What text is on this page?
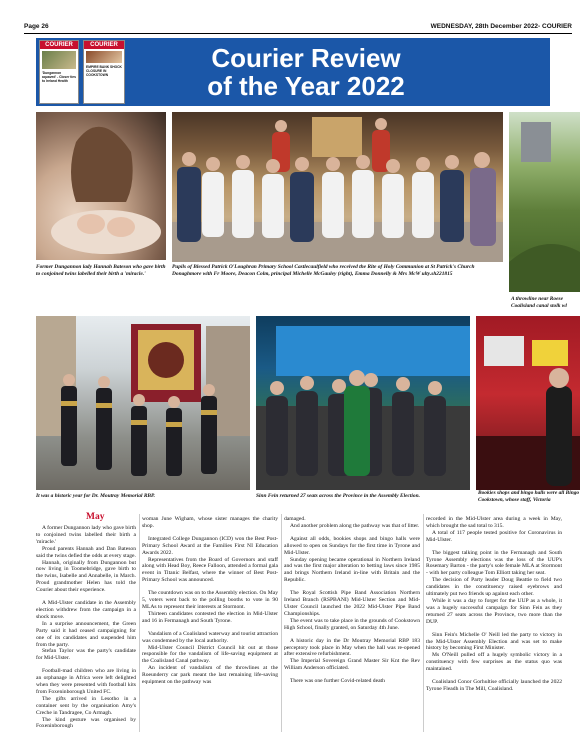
Page 26	WEDNESDAY, 28th December 2022- COURIER
COURIER
'Dungannon aquaved' - Closer ties to Ireland Health
COURIER
EMPIRE BANK SHOCK CLOSURE IN COOKSTOWN
Courier Review
of the Year 2022
Former Dungannon lady Hannah Bateson who gave birth to conjoined twins labelled their birth a 'miracle.'
Pupils of Blessed Patrick O'Loughran Primary School Castlecaulfield who received the Rite of Holy Communion at St Patrick's Church Donaghmore with Fr Moore, Deacon Colm, principal Michelle McGauley (right), Emma Donnelly & Mrs McW ulty.sh221815
A throwline near Roese Coalisland canal stolk wl
It was a historic year for Dr. Moutray Memorial RBP.	Sinn Fein returned 27 seats across the Province in the Assembly Election.	Bookies shops and bingo halls were all Bingo Cookstown, whose staff, Victoria
May

A former Dungannon lady who gave birth to conjoined twins labelled their birth a 'miracle.'

Proud parents Hannah and Dan Bateson said the twins defied the odds at every stage.

Hannah, originally from Dungannon but now living in Toomebridge, gave birth to the twins, Isabelle and Annabelle, in March. Proud grandmother Helen has told the Courier about their experience.

A Mid-Ulster candidate in the Assembly election withdrew from the campaign in a shock move.

In a surprise announcement, the Green Party said it had ceased campaigning for one of its candidates and suspended him from the party.

Stefan Taylor was the party's candidate for Mid-Ulster.

Football-mad children who are living in an orphanage in Africa were left delighted when they were presented with football kits from Foxeninborough United FC.

The gifts arrived in Lesotho in a container sent by the organisation Amy's Creche in Tandragee, Co Armagh.

The kind gesture was organised by Foxeninborough

woman June Wigham, whose sister manages the charity shop.

Integrated College Dungannon (ICD) won the Best Post-Primary School Award at the Families First NI Education Awards 2022.

Representatives from the Board of Governors and staff along with Head Boy, Reece Falloon, attended a formal gala event in Titanic Belfast, where the winner of Best Post-Primary School was announced.

The countdown was on to the Assembly election. On May 5, voters went back to the polling booths to vote in 90 MLAs to represent their interests at Stormont.

Thirteen candidates contested the election in Mid-Ulster and 16 in Fermanagh and South Tyrone.

Vandalism of a Coalisland waterway and tourist attraction was condemned by the local authority.

Mid-Ulster Council District Council hit out at those responsible for the vandalism of life-saving equipment at the Coalisland Canal pathway.

An incident of vandalism of the throwlines at the Roeunderry car park meant the last remaining life-saving equipment on the pathway was

damaged.

And another problem along the pathway was that of litter.

Against all odds, bookies shops and bingo halls were allowed to open on Sundays for the first time in Tyrone and Mid-Ulster.

Sunday opening became operational in Northern Ireland and was the first major alteration to betting laws since 1985 and brings Northern Ireland in-line with Britain and the Republic.

The Royal Scottish Pipe Band Association Northern Ireland Branch (RSPBANI) Mid-Ulster Section and Mid-Ulster Council launched the 2022 Mid-Ulster Pipe Band Championships.

The event was to take place in the grounds of Cookstown High School, finally granted, on Saturday 4th June.

A historic day in the Dr Moutray Memorial RBP 183 perceptory took place in May when the hall was re-opened after extensive refurbishment.

The Imperial Sovereign Grand Master Sir Knt the Rev William Anderson officiated.

There was one further Covid-related death

recorded in the Mid-Ulster area during a week in May, which brought the sad total to 315.

A total of 117 people tested positive for Coronavirus in Mid-Ulster.

The biggest talking point in the Fermanagh and South Tyrone Assembly elections was the loss of the UUP's Rosemary Barton - the party's sole female MLA at Stormont - with her party colleague Tom Elliott taking her seat.

The decision of Party leader Doug Beattie to field two candidates in the constituency raised eyebrows and ultimately put two friends up against each other.

While it was a day to forget for the UUP as a whole, it was a hugely successful campaign for Sinn Fein as they returned 27 seats across the Province, two more than the DUP.

Sinn Fein's Michelle O' Neill led the party to victory in the Mid-Ulster Assembly Election and was set to make history by becoming First Minister.

Ms O'Neill pulled off a hugely symbolic victory in a constituency with few surprises as the status quo was maintained.

Coalisland Conor Gorhultise officially launched the 2022 Tyrone Fleadh in The Mill, Coalisland.
